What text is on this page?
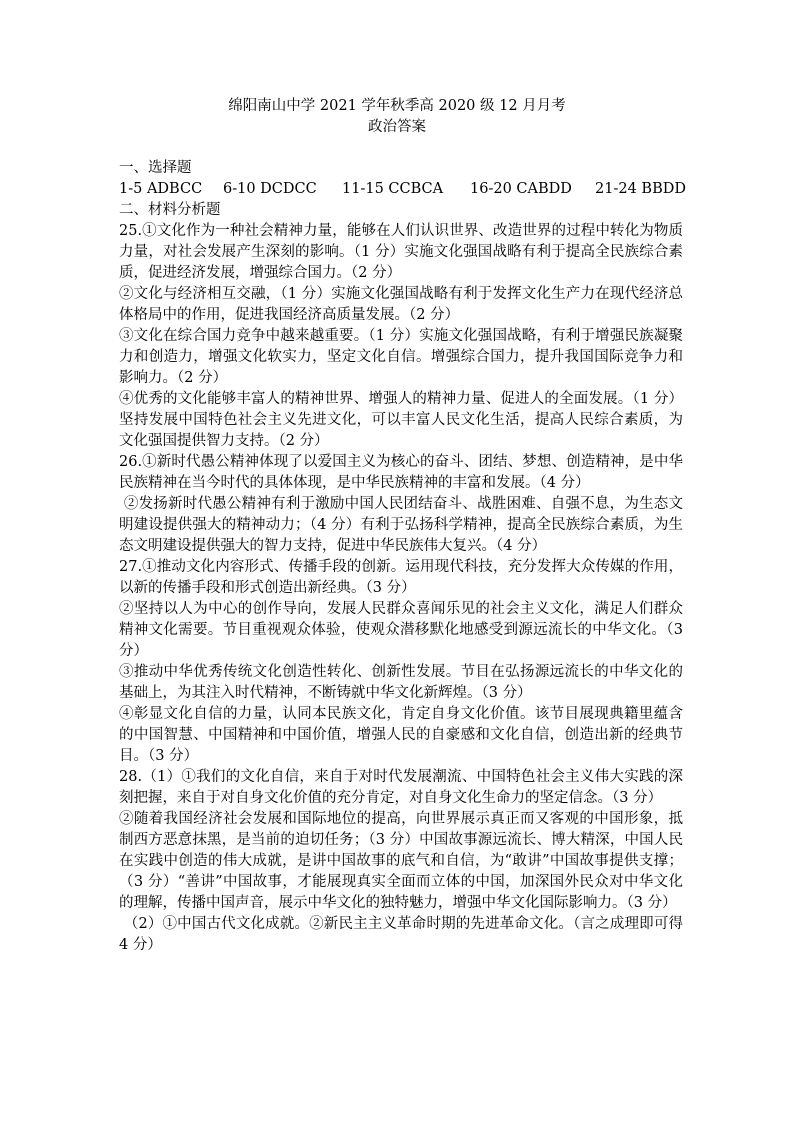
绵阳南山中学 2021 学年秋季高 2020 级 12 月月考
政治答案

一、选择题

1-5 ADBCC	6-10 DCDCC	11-15 CCBCA	16-20 CABDD	21-24 BBDD

二、材料分析题

25.①文化作为一种社会精神力量，能够在人们认识世界、改造世界的过程中转化为物质力量，对社会发展产生深刻的影响。（1 分）实施文化强国战略有利于提高全民族综合素质，促进经济发展，增强综合国力。（2 分）

②文化与经济相互交融，（1 分）实施文化强国战略有利于发挥文化生产力在现代经济总体格局中的作用，促进我国经济高质量发展。（2 分）

③文化在综合国力竞争中越来越重要。（1 分）实施文化强国战略，有利于增强民族凝聚力和创造力，增强文化软实力，坚定文化自信。增强综合国力，提升我国国际竞争力和影响力。（2 分）

④优秀的文化能够丰富人的精神世界、增强人的精神力量、促进人的全面发展。（1 分）坚持发展中国特色社会主义先进文化，可以丰富人民文化生活，提高人民综合素质，为文化强国提供智力支持。（2 分）

26.①新时代愚公精神体现了以爱国主义为核心的奋斗、团结、梦想、创造精神，是中华民族精神在当今时代的具体体现，是中华民族精神的丰富和发展。（4 分）

②发扬新时代愚公精神有利于激励中国人民团结奋斗、战胜困难、自强不息，为生态文明建设提供强大的精神动力；（4 分）有利于弘扬科学精神，提高全民族综合素质，为生态文明建设提供强大的智力支持，促进中华民族伟大复兴。（4 分）

27.①推动文化内容形式、传播手段的创新。运用现代科技，充分发挥大众传媒的作用，以新的传播手段和形式创造出新经典。（3 分）

②坚持以人为中心的创作导向，发展人民群众喜闻乐见的社会主义文化，满足人们群众精神文化需要。节目重视观众体验，使观众潜移默化地感受到源远流长的中华文化。（3 分）

③推动中华优秀传统文化创造性转化、创新性发展。节目在弘扬源远流长的中华文化的基础上，为其注入时代精神，不断铸就中华文化新辉煌。（3 分）

④彰显文化自信的力量，认同本民族文化，肯定自身文化价值。该节目展现典籍里蕴含的中国智慧、中国精神和中国价值，增强人民的自豪感和文化自信，创造出新的经典节目。（3 分）

28.（1）①我们的文化自信，来自于对时代发展潮流、中国特色社会主义伟大实践的深刻把握，来自于对自身文化价值的充分肯定，对自身文化生命力的坚定信念。（3 分）

②随着我国经济社会发展和国际地位的提高，向世界展示真正而又客观的中国形象，抵制西方恶意抹黑，是当前的迫切任务；（3 分）中国故事源远流长、博大精深，中国人民在实践中创造的伟大成就，是讲中国故事的底气和自信，为“敢讲”中国故事提供支撑；（3 分）“善讲”中国故事，才能展现真实全面而立体的中国，加深国外民众对中华文化的理解，传播中国声音，展示中华文化的独特魅力，增强中华文化国际影响力。（3 分）

（2）①中国古代文化成就。②新民主主义革命时期的先进革命文化。（言之成理即可得 4 分）
